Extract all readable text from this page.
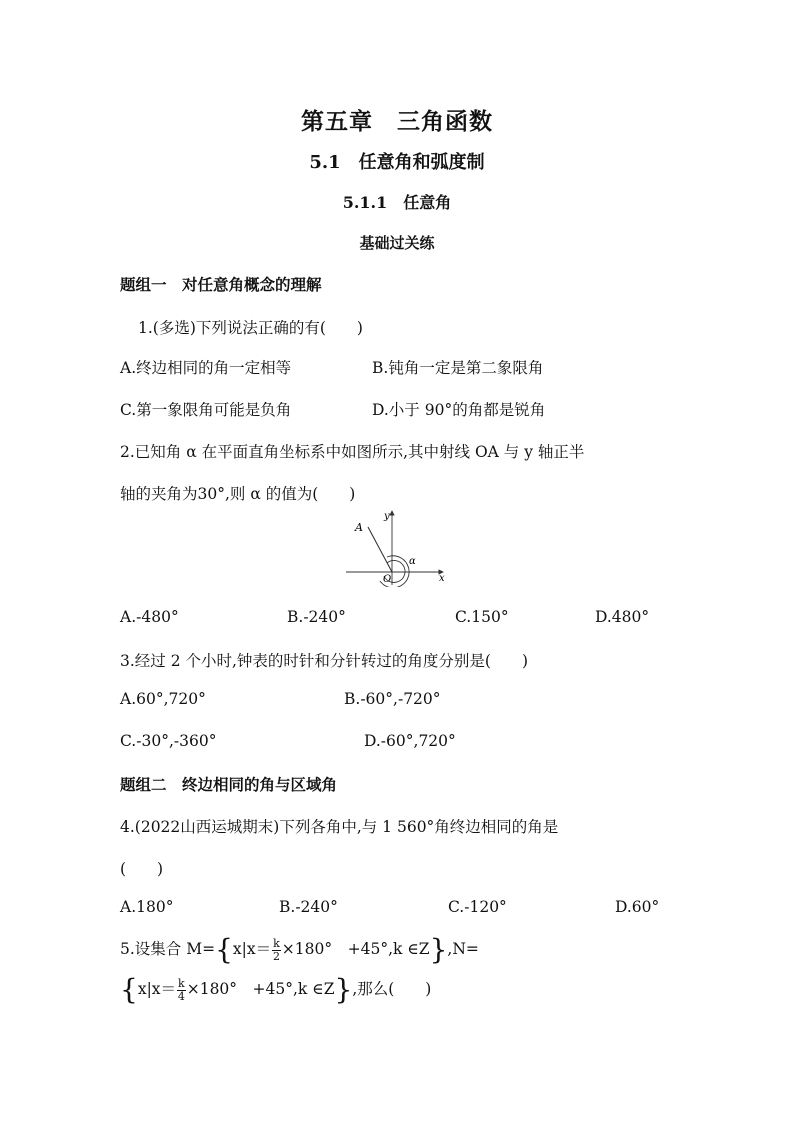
第五章　三角函数
5.1　任意角和弧度制
5.1.1　任意角
基础过关练
题组一　对任意角概念的理解
1.(多选)下列说法正确的有(　　)
A.终边相同的角一定相等	B.钝角一定是第二象限角
C.第一象限角可能是负角	D.小于 90°的角都是锐角
2.已知角 α 在平面直角坐标系中如图所示,其中射线 OA 与 y 轴正半
轴的夹角为30°,则 α 的值为(　　)
A
y
x
O
α
A.-480°	B.-240°	C.150°	D.480°
3.经过 2 个小时,钟表的时针和分针转过的角度分别是(　　)
A.60°,720°	B.-60°,-720°
C.-30°,-360°	D.-60°,720°
题组二　终边相同的角与区域角
4.(2022山西运城期末)下列各角中,与 1 560°角终边相同的角是
(　　)
A.180°	B.-240°	C.-120°	D.60°
5.设集合 $M=\{x|x= \frac{k}{2} \times 180^\circ$　+45°,k ∈Z},N=
{$x|x= \frac{k}{4} \times 180^\circ$　+45°,k ∈Z},那么(　　)
